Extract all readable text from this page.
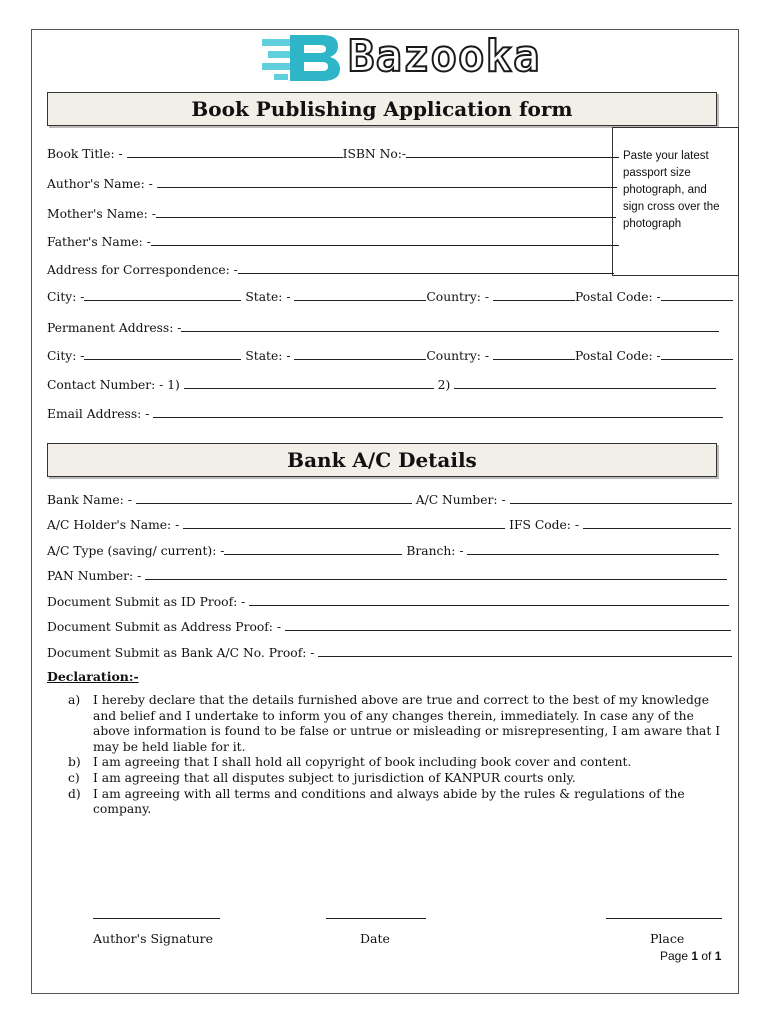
Bazooka
Book Publishing Application form
Paste your latest passport size photograph, and sign cross over the photograph
Book Title: -	ISBN No:-
Author's Name: -
Mother's Name: -
Father's Name: -
Address for Correspondence: -
City: -	State: -	Country: -	Postal Code: -
Permanent Address: -
City: -	State: -	Country: -	Postal Code: -
Contact Number: - 1)	2)
Email Address: -
Bank A/C Details
Bank Name: -	A/C Number: -
A/C Holder's Name: -	IFS Code: -
A/C Type (saving/ current): -	Branch: -
PAN Number: -
Document Submit as ID Proof: -
Document Submit as Address Proof: -
Document Submit as Bank A/C No. Proof: -
Declaration:-
a) I hereby declare that the details furnished above are true and correct to the best of my knowledge and belief and I undertake to inform you of any changes therein, immediately. In case any of the above information is found to be false or untrue or misleading or misrepresenting, I am aware that I may be held liable for it.
b) I am agreeing that I shall hold all copyright of book including book cover and content.
c) I am agreeing that all disputes subject to jurisdiction of KANPUR courts only.
d) I am agreeing with all terms and conditions and always abide by the rules & regulations of the company.
Author's Signature	Date	Place
Page 1 of 1
